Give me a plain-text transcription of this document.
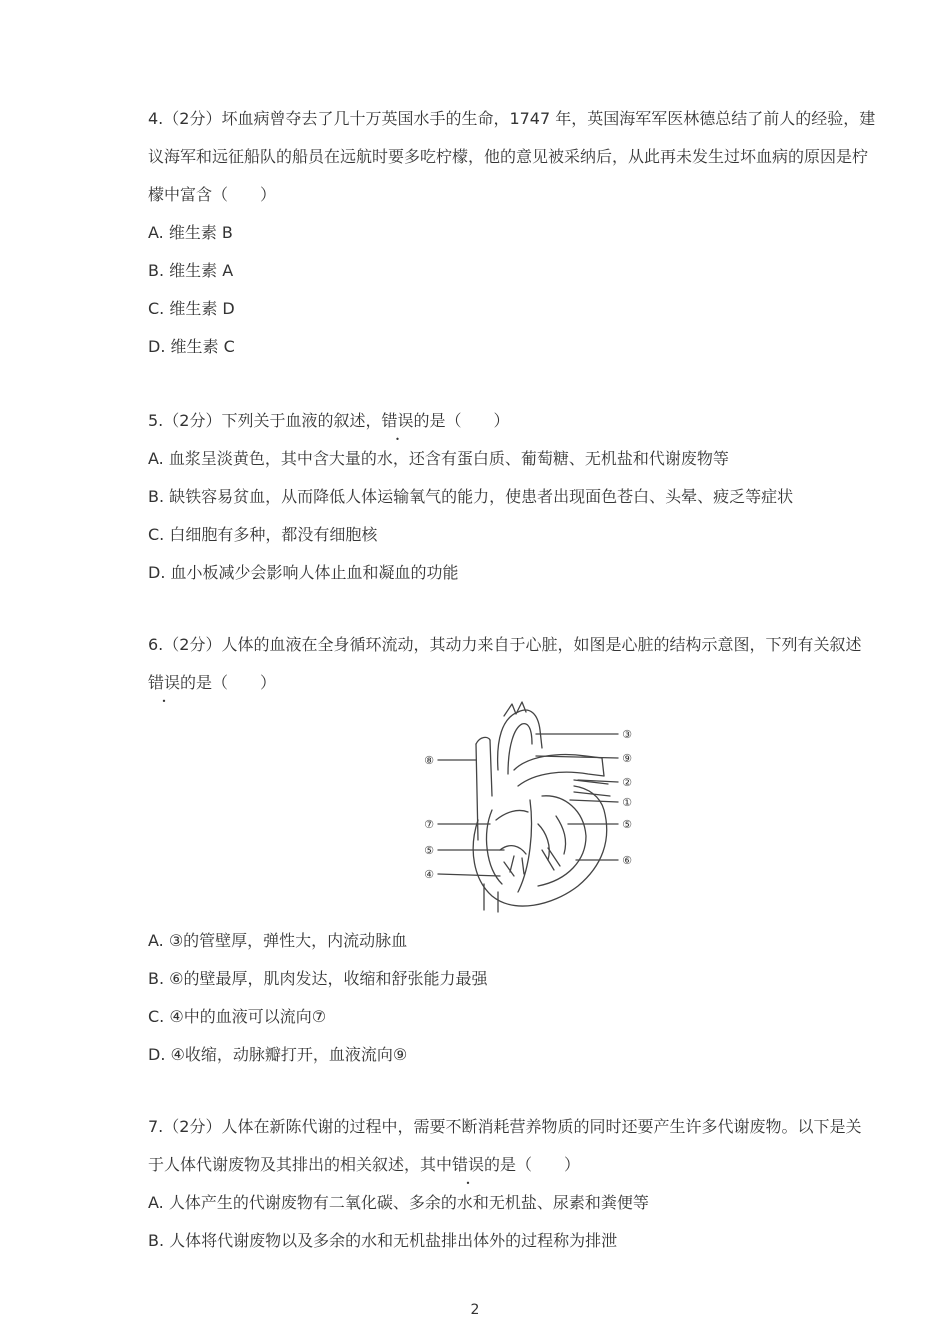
4.（2分）坏血病曾夺去了几十万英国水手的生命，1747 年，英国海军军医林德总结了前人的经验，建
议海军和远征船队的船员在远航时要多吃柠檬，他的意见被采纳后，从此再未发生过坏血病的原因是柠
檬中富含（　　）
A. 维生素 B
B. 维生素 A
C. 维生素 D
D. 维生素 C
5.（2分）下列关于血液的叙述，错误的是（　　）
A. 血浆呈淡黄色，其中含大量的水，还含有蛋白质、葡萄糖、无机盐和代谢废物等
B. 缺铁容易贫血，从而降低人体运输氧气的能力，使患者出现面色苍白、头晕、疲乏等症状
C. 白细胞有多种，都没有细胞核
D. 血小板减少会影响人体止血和凝血的功能
6.（2分）人体的血液在全身循环流动，其动力来自于心脏，如图是心脏的结构示意图，下列有关叙述
错误的是（　　）
③
⑨
②
①
⑤
⑥
⑧
⑦
⑤
④
A. ③的管壁厚，弹性大，内流动脉血
B. ⑥的壁最厚，肌肉发达，收缩和舒张能力最强
C. ④中的血液可以流向⑦
D. ④收缩，动脉瓣打开，血液流向⑨
7.（2分）人体在新陈代谢的过程中，需要不断消耗营养物质的同时还要产生许多代谢废物。以下是关
于人体代谢废物及其排出的相关叙述，其中错误的是（　　）
A. 人体产生的代谢废物有二氧化碳、多余的水和无机盐、尿素和粪便等
B. 人体将代谢废物以及多余的水和无机盐排出体外的过程称为排泄
2
